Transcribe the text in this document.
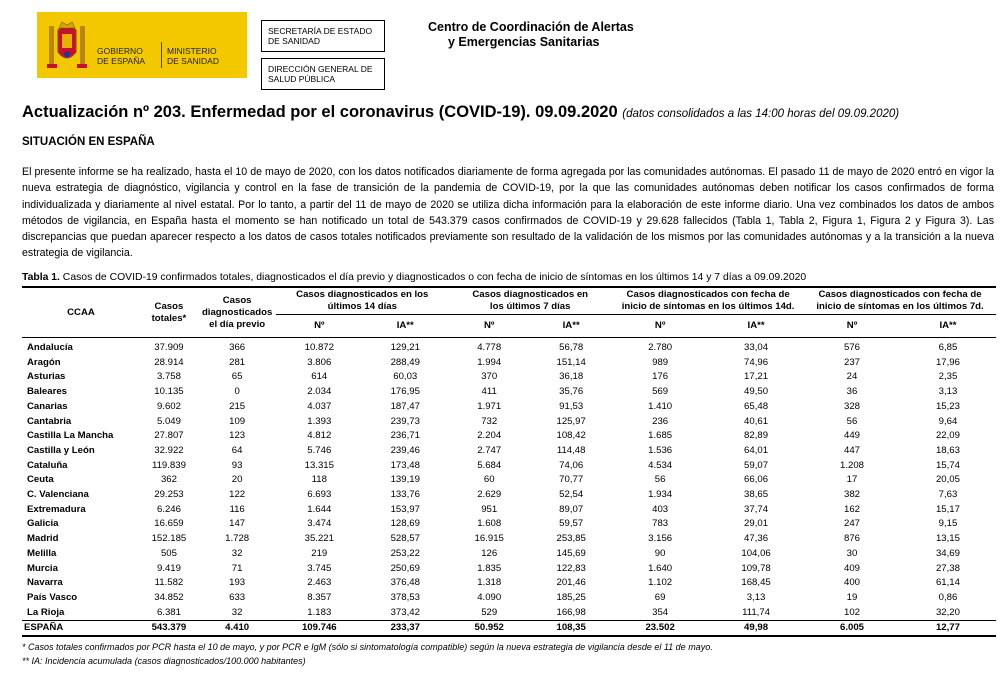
GOBIERNO
DE ESPAÑA
MINISTERIO
DE SANIDAD
SECRETARÍA DE ESTADO DE SANIDAD
DIRECCIÓN GENERAL DE SALUD PÚBLICA
Centro de Coordinación de Alertas
y Emergencias Sanitarias
Actualización nº 203. Enfermedad por el coronavirus (COVID-19). 09.09.2020 (datos consolidados a las 14:00 horas del 09.09.2020)
SITUACIÓN EN ESPAÑA
El presente informe se ha realizado, hasta el 10 de mayo de 2020, con los datos notificados diariamente de forma agregada por las comunidades autónomas. El pasado 11 de mayo de 2020 entró en vigor la nueva estrategia de diagnóstico, vigilancia y control en la fase de transición de la pandemia de COVID-19, por la que las comunidades autónomas deben notificar los casos confirmados de forma individualizada y diariamente al nivel estatal. Por lo tanto, a partir del 11 de mayo de 2020 se utiliza dicha información para la elaboración de este informe diario. Una vez combinados los datos de ambos métodos de vigilancia, en España hasta el momento se han notificado un total de 543.379 casos confirmados de COVID-19 y 29.628 fallecidos (Tabla 1, Tabla 2, Figura 1, Figura 2 y Figura 3). Las discrepancias que puedan aparecer respecto a los datos de casos totales notificados previamente son resultado de la validación de los mismos por las comunidades autónomas y a la transición a la nueva estrategia de vigilancia.
Tabla 1. Casos de COVID-19 confirmados totales, diagnosticados el día previo y diagnosticados o con fecha de inicio de síntomas en los últimos 14 y 7 días a 09.09.2020
CCAA	Casos totales*	Casos diagnosticados el día previo	Casos diagnosticados en los últimos 14 días		Casos diagnosticados en los últimos 7 días		Casos diagnosticados con fecha de inicio de síntomas en los últimos 14d.		Casos diagnosticados con fecha de inicio de síntomas en los últimos 7d.	
			Nº	IA**	Nº	IA**	Nº	IA**	Nº	IA**
Andalucía	37.909	366	10.872	129,21	4.778	56,78	2.780	33,04	576	6,85
Aragón	28.914	281	3.806	288,49	1.994	151,14	989	74,96	237	17,96
Asturias	3.758	65	614	60,03	370	36,18	176	17,21	24	2,35
Baleares	10.135	0	2.034	176,95	411	35,76	569	49,50	36	3,13
Canarias	9.602	215	4.037	187,47	1.971	91,53	1.410	65,48	328	15,23
Cantabria	5.049	109	1.393	239,73	732	125,97	236	40,61	56	9,64
Castilla La Mancha	27.807	123	4.812	236,71	2.204	108,42	1.685	82,89	449	22,09
Castilla y León	32.922	64	5.746	239,46	2.747	114,48	1.536	64,01	447	18,63
Cataluña	119.839	93	13.315	173,48	5.684	74,06	4.534	59,07	1.208	15,74
Ceuta	362	20	118	139,19	60	70,77	56	66,06	17	20,05
C. Valenciana	29.253	122	6.693	133,76	2.629	52,54	1.934	38,65	382	7,63
Extremadura	6.246	116	1.644	153,97	951	89,07	403	37,74	162	15,17
Galicia	16.659	147	3.474	128,69	1.608	59,57	783	29,01	247	9,15
Madrid	152.185	1.728	35.221	528,57	16.915	253,85	3.156	47,36	876	13,15
Melilla	505	32	219	253,22	126	145,69	90	104,06	30	34,69
Murcia	9.419	71	3.745	250,69	1.835	122,83	1.640	109,78	409	27,38
Navarra	11.582	193	2.463	376,48	1.318	201,46	1.102	168,45	400	61,14
País Vasco	34.852	633	8.357	378,53	4.090	185,25	69	3,13	19	0,86
La Rioja	6.381	32	1.183	373,42	529	166,98	354	111,74	102	32,20
ESPAÑA	543.379	4.410	109.746	233,37	50.952	108,35	23.502	49,98	6.005	12,77
* Casos totales confirmados por PCR hasta el 10 de mayo, y por PCR e IgM (sólo si sintomatología compatible) según la nueva estrategia de vigilancia desde el 11 de mayo.
** IA: Incidencia acumulada (casos diagnosticados/100.000 habitantes)
